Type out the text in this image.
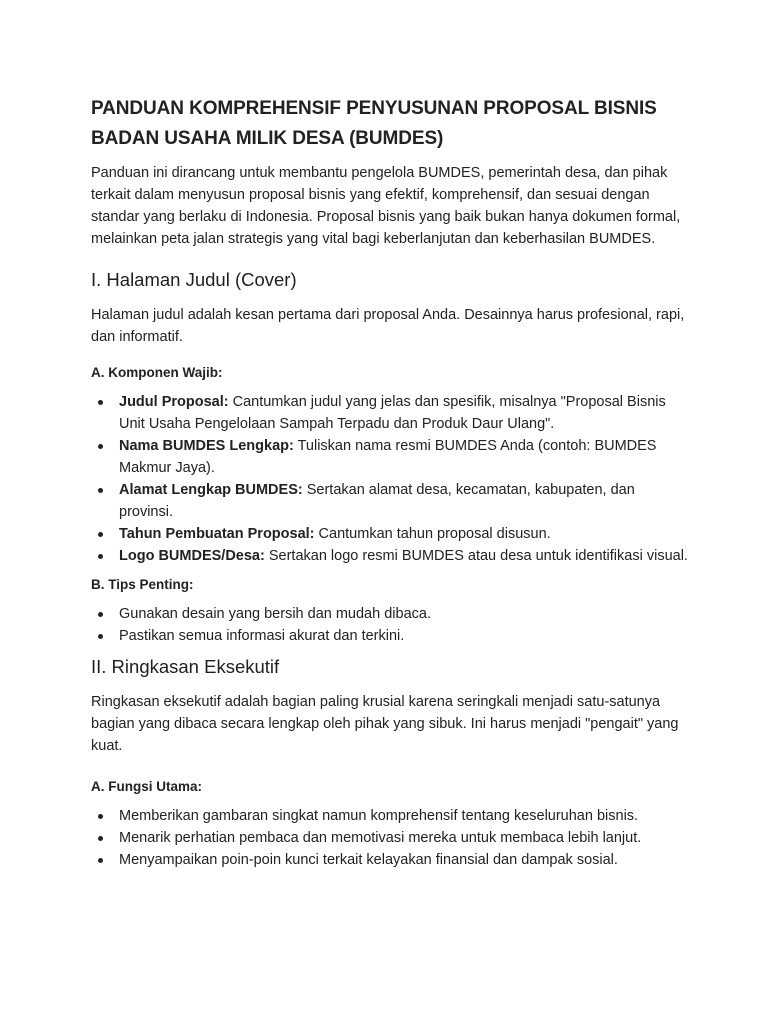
PANDUAN KOMPREHENSIF PENYUSUNAN PROPOSAL BISNIS
BADAN USAHA MILIK DESA (BUMDES)

Panduan ini dirancang untuk membantu pengelola BUMDES, pemerintah desa, dan pihak terkait dalam menyusun proposal bisnis yang efektif, komprehensif, dan sesuai dengan standar yang berlaku di Indonesia. Proposal bisnis yang baik bukan hanya dokumen formal, melainkan peta jalan strategis yang vital bagi keberlanjutan dan keberhasilan BUMDES.

I. Halaman Judul (Cover)

Halaman judul adalah kesan pertama dari proposal Anda. Desainnya harus profesional, rapi, dan informatif.

A. Komponen Wajib:
Judul Proposal: Cantumkan judul yang jelas dan spesifik, misalnya "Proposal Bisnis Unit Usaha Pengelolaan Sampah Terpadu dan Produk Daur Ulang".
Nama BUMDES Lengkap: Tuliskan nama resmi BUMDES Anda (contoh: BUMDES Makmur Jaya).
Alamat Lengkap BUMDES: Sertakan alamat desa, kecamatan, kabupaten, dan provinsi.
Tahun Pembuatan Proposal: Cantumkan tahun proposal disusun.
Logo BUMDES/Desa: Sertakan logo resmi BUMDES atau desa untuk identifikasi visual.
B. Tips Penting:
Gunakan desain yang bersih dan mudah dibaca.
Pastikan semua informasi akurat dan terkini.
II. Ringkasan Eksekutif

Ringkasan eksekutif adalah bagian paling krusial karena seringkali menjadi satu-satunya bagian yang dibaca secara lengkap oleh pihak yang sibuk. Ini harus menjadi "pengait" yang kuat.

A. Fungsi Utama:
Memberikan gambaran singkat namun komprehensif tentang keseluruhan bisnis.
Menarik perhatian pembaca dan memotivasi mereka untuk membaca lebih lanjut.
Menyampaikan poin-poin kunci terkait kelayakan finansial dan dampak sosial.
